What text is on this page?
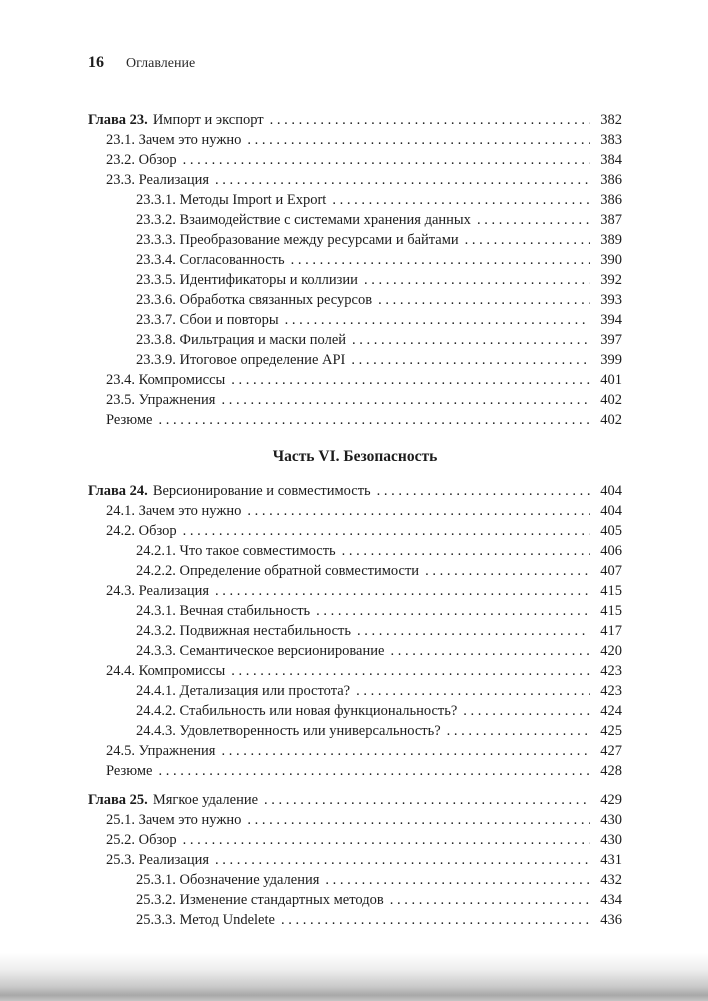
16 Оглавление
Глава 23. Импорт и экспорт . . .	382
23.1. Зачем это нужно . . .	383
23.2. Обзор . . .	384
23.3. Реализация . . .	386
23.3.1. Методы Import и Export . . .	386
23.3.2. Взаимодействие с системами хранения данных . . .	387
23.3.3. Преобразование между ресурсами и байтами . . .	389
23.3.4. Согласованность . . .	390
23.3.5. Идентификаторы и коллизии . . .	392
23.3.6. Обработка связанных ресурсов . . .	393
23.3.7. Сбои и повторы . . .	394
23.3.8. Фильтрация и маски полей . . .	397
23.3.9. Итоговое определение API . . .	399
23.4. Компромиссы . . .	401
23.5. Упражнения . . .	402
Резюме . . .	402
Часть VI. Безопасность
Глава 24. Версионирование и совместимость . . .	404
24.1. Зачем это нужно . . .	404
24.2. Обзор . . .	405
24.2.1. Что такое совместимость . . .	406
24.2.2. Определение обратной совместимости . . .	407
24.3. Реализация . . .	415
24.3.1. Вечная стабильность . . .	415
24.3.2. Подвижная нестабильность . . .	417
24.3.3. Семантическое версионирование . . .	420
24.4. Компромиссы . . .	423
24.4.1. Детализация или простота? . . .	423
24.4.2. Стабильность или новая функциональность? . . .	424
24.4.3. Удовлетворенность или универсальность? . . .	425
24.5. Упражнения . . .	427
Резюме . . .	428
Глава 25. Мягкое удаление . . .	429
25.1. Зачем это нужно . . .	430
25.2. Обзор . . .	430
25.3. Реализация . . .	431
25.3.1. Обозначение удаления . . .	432
25.3.2. Изменение стандартных методов . . .	434
25.3.3. Метод Undelete . . .	436
